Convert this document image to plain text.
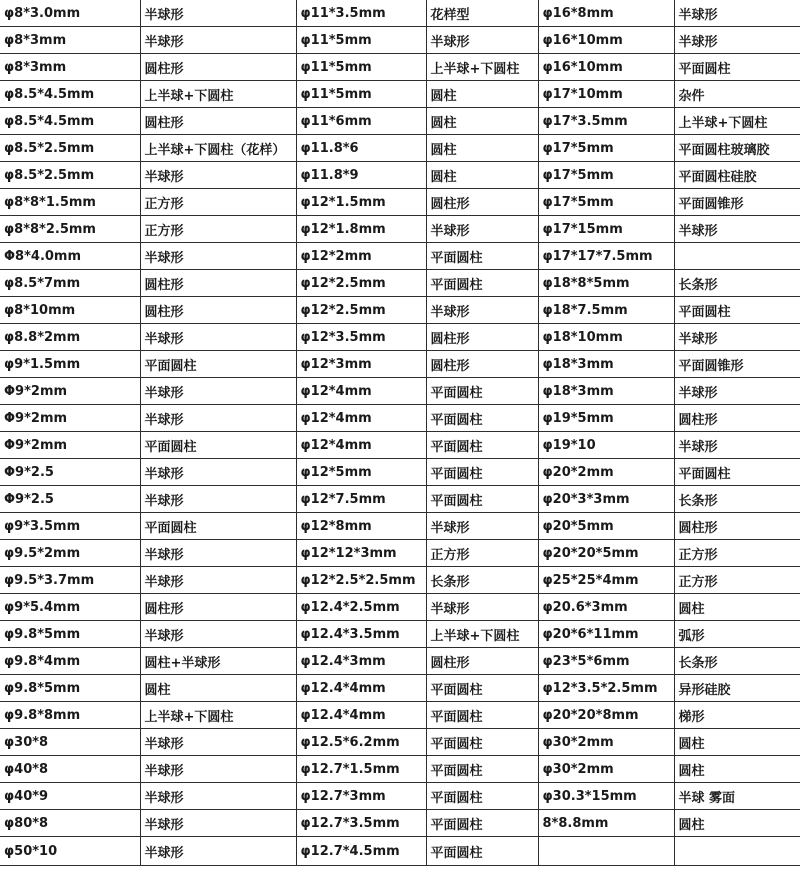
φ8*3.0mm	半球形	φ11*3.5mm	花样型	φ16*8mm	半球形
φ8*3mm	半球形	φ11*5mm	半球形	φ16*10mm	半球形
φ8*3mm	圆柱形	φ11*5mm	上半球+下圆柱	φ16*10mm	平面圆柱
φ8.5*4.5mm	上半球+下圆柱	φ11*5mm	圆柱	φ17*10mm	杂件
φ8.5*4.5mm	圆柱形	φ11*6mm	圆柱	φ17*3.5mm	上半球+下圆柱
φ8.5*2.5mm	上半球+下圆柱（花样）	φ11.8*6	圆柱	φ17*5mm	平面圆柱玻璃胶
φ8.5*2.5mm	半球形	φ11.8*9	圆柱	φ17*5mm	平面圆柱硅胶
φ8*8*1.5mm	正方形	φ12*1.5mm	圆柱形	φ17*5mm	平面圆锥形
φ8*8*2.5mm	正方形	φ12*1.8mm	半球形	φ17*15mm	半球形
Φ8*4.0mm	半球形	φ12*2mm	平面圆柱	φ17*17*7.5mm	
φ8.5*7mm	圆柱形	φ12*2.5mm	平面圆柱	φ18*8*5mm	长条形
φ8*10mm	圆柱形	φ12*2.5mm	半球形	φ18*7.5mm	平面圆柱
φ8.8*2mm	半球形	φ12*3.5mm	圆柱形	φ18*10mm	半球形
φ9*1.5mm	平面圆柱	φ12*3mm	圆柱形	φ18*3mm	平面圆锥形
Φ9*2mm	半球形	φ12*4mm	平面圆柱	φ18*3mm	半球形
Φ9*2mm	半球形	φ12*4mm	平面圆柱	φ19*5mm	圆柱形
Φ9*2mm	平面圆柱	φ12*4mm	平面圆柱	φ19*10	半球形
Φ9*2.5	半球形	φ12*5mm	平面圆柱	φ20*2mm	平面圆柱
Φ9*2.5	半球形	φ12*7.5mm	平面圆柱	φ20*3*3mm	长条形
φ9*3.5mm	平面圆柱	φ12*8mm	半球形	φ20*5mm	圆柱形
φ9.5*2mm	半球形	φ12*12*3mm	正方形	φ20*20*5mm	正方形
φ9.5*3.7mm	半球形	φ12*2.5*2.5mm	长条形	φ25*25*4mm	正方形
φ9*5.4mm	圆柱形	φ12.4*2.5mm	半球形	φ20.6*3mm	圆柱
φ9.8*5mm	半球形	φ12.4*3.5mm	上半球+下圆柱	φ20*6*11mm	弧形
φ9.8*4mm	圆柱+半球形	φ12.4*3mm	圆柱形	φ23*5*6mm	长条形
φ9.8*5mm	圆柱	φ12.4*4mm	平面圆柱	φ12*3.5*2.5mm	异形硅胶
φ9.8*8mm	上半球+下圆柱	φ12.4*4mm	平面圆柱	φ20*20*8mm	梯形
φ30*8	半球形	φ12.5*6.2mm	平面圆柱	φ30*2mm	圆柱
φ40*8	半球形	φ12.7*1.5mm	平面圆柱	φ30*2mm	圆柱
φ40*9	半球形	φ12.7*3mm	平面圆柱	φ30.3*15mm	半球 雾面
φ80*8	半球形	φ12.7*3.5mm	平面圆柱	8*8.8mm	圆柱
φ50*10	半球形	φ12.7*4.5mm	平面圆柱		
